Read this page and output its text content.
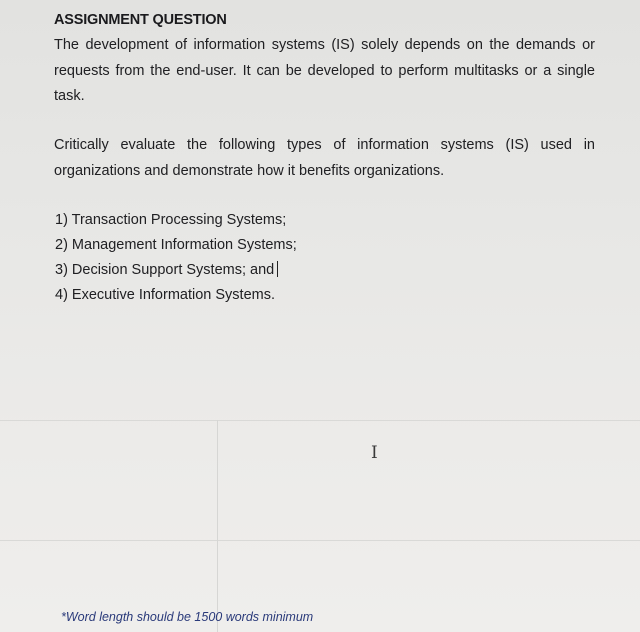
ASSIGNMENT QUESTION
The development of information systems (IS) solely depends on the demands or
requests from the end-user. It can be developed to perform multitasks or a single
task.
Critically evaluate the following types of information systems (IS) used in
organizations and demonstrate how it benefits organizations.
1) Transaction Processing Systems;
2) Management Information Systems;
3) Decision Support Systems; and
4) Executive Information Systems.
I
*Word length should be 1500 words minimum
